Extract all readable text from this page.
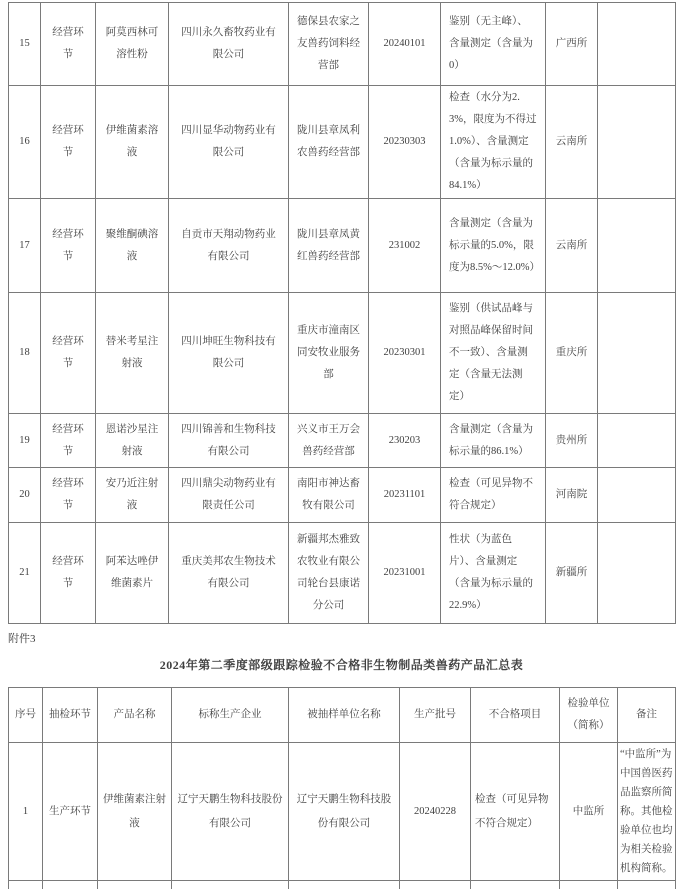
15	经营环节	阿莫西林可溶性粉	四川永久畜牧药业有限公司	德保县农家之友兽药饲料经营部	20240101	鉴别（无主峰）、含量测定（含量为0）	广西所	
16	经营环节	伊维菌素溶液	四川显华动物药业有限公司	陇川县章凤利农兽药经营部	20230303	检查（水分为2.3%，限度为不得过1.0%）、含量测定（含量为标示量的84.1%）	云南所	
17	经营环节	聚维酮碘溶液	自贡市天翔动物药业有限公司	陇川县章凤黄红兽药经营部	231002	含量测定（含量为标示量的5.0%，限度为8.5%～12.0%）	云南所	
18	经营环节	替米考星注射液	四川坤旺生物科技有限公司	重庆市潼南区同安牧业服务部	20230301	鉴别（供试品峰与对照品峰保留时间不一致）、含量测定（含量无法测定）	重庆所	
19	经营环节	恩诺沙星注射液	四川锦善和生物科技有限公司	兴义市王万会兽药经营部	230203	含量测定（含量为标示量的86.1%）	贵州所	
20	经营环节	安乃近注射液	四川鼎尖动物药业有限责任公司	南阳市神达畜牧有限公司	20231101	检查（可见异物不符合规定）	河南院	
21	经营环节	阿苯达唑伊维菌素片	重庆美邦农生物技术有限公司	新疆邦杰雅致农牧业有限公司轮台县康诺分公司	20231001	性状（为蓝色片）、含量测定（含量为标示量的22.9%）	新疆所	
附件3
2024年第二季度部级跟踪检验不合格非生物制品类兽药产品汇总表
序号	抽检环节	产品名称	标称生产企业	被抽样单位名称	生产批号	不合格项目	检验单位（简称）	备注
1	生产环节	伊维菌素注射液	辽宁天鹏生物科技股份有限公司	辽宁天鹏生物科技股份有限公司	20240228	检查（可见异物不符合规定）	中监所	“中监所”为中国兽医药品监察所简称。其他检验单位也均为相关检验机构简称。
